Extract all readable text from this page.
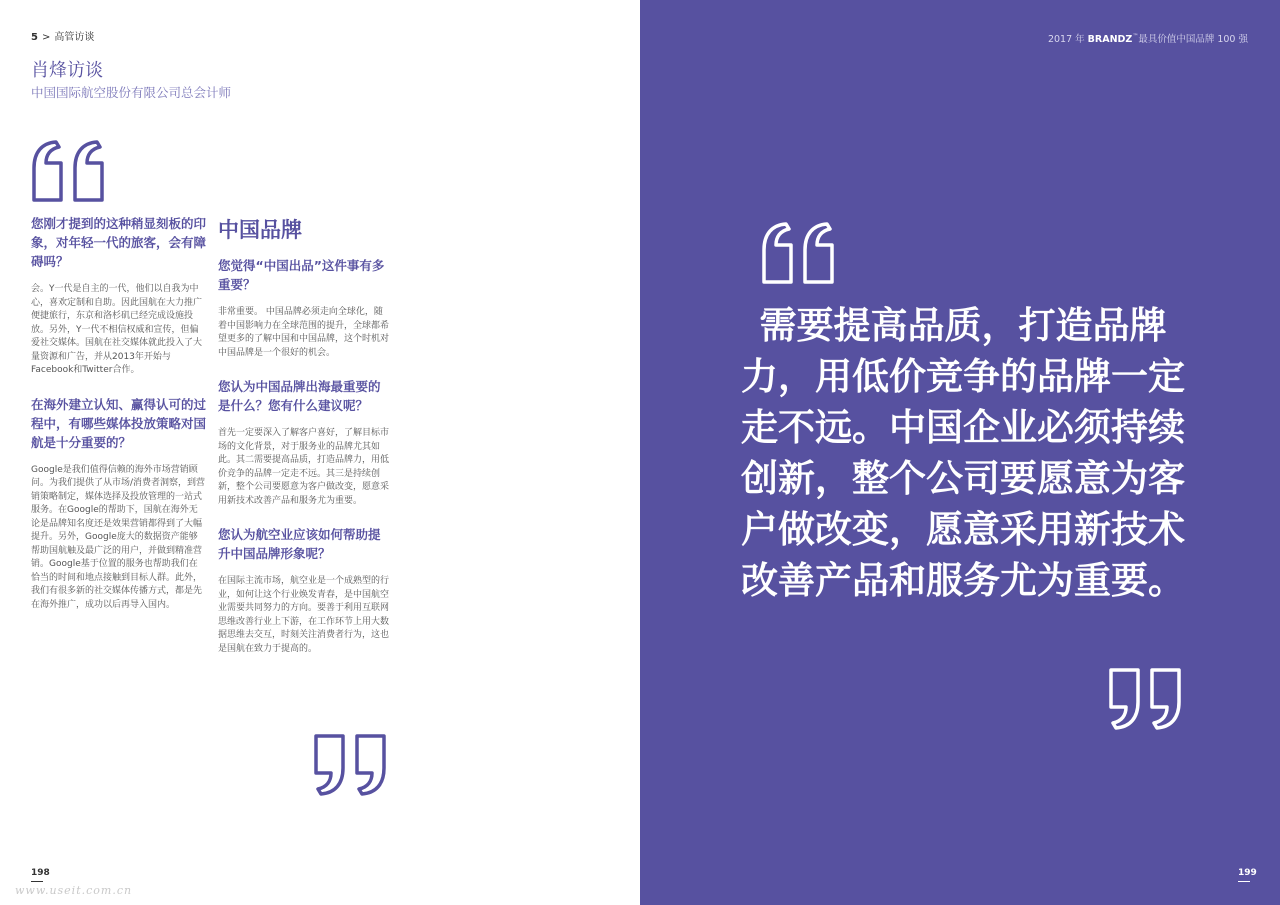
5 > 高管访谈
肖烽访谈
中国国际航空股份有限公司总会计师
您刚才提到的这种稍显刻板的印象，对年轻一代的旅客，会有障碍吗？
会。Y一代是自主的一代，他们以自我为中心，喜欢定制和自助。因此国航在大力推广便捷旅行，东京和洛杉矶已经完成设施投放。另外，Y一代不相信权威和宣传，但偏爱社交媒体。国航在社交媒体就此投入了大量资源和广告，并从2013年开始与Facebook和Twitter合作。
在海外建立认知、赢得认可的过程中，有哪些媒体投放策略对国航是十分重要的？
Google是我们值得信赖的海外市场营销顾问。为我们提供了从市场/消费者洞察，到营销策略制定，媒体选择及投放管理的一站式服务。在Google的帮助下，国航在海外无论是品牌知名度还是效果营销都得到了大幅提升。另外，Google庞大的数据资产能够帮助国航触及最广泛的用户，并做到精准营销。Google基于位置的服务也帮助我们在恰当的时间和地点接触到目标人群。此外，我们有很多新的社交媒体传播方式，都是先在海外推广，成功以后再导入国内。
中国品牌
您觉得“中国出品”这件事有多重要？
非常重要。 中国品牌必须走向全球化，随着中国影响力在全球范围的提升，全球都希望更多的了解中国和中国品牌，这个时机对中国品牌是一个很好的机会。
您认为中国品牌出海最重要的是什么？您有什么建议呢？
首先一定要深入了解客户喜好，了解目标市场的文化背景，对于服务业的品牌尤其如此。其二需要提高品质，打造品牌力，用低价竞争的品牌一定走不远。其三是持续创新，整个公司要愿意为客户做改变，愿意采用新技术改善产品和服务尤为重要。
您认为航空业应该如何帮助提升中国品牌形象呢？
在国际主流市场，航空业是一个成熟型的行业，如何让这个行业焕发青春，是中国航空业需要共同努力的方向。要善于利用互联网思维改善行业上下游，在工作环节上用大数据思维去交互，时刻关注消费者行为，这也是国航在致力于提高的。
198
www.useit.com.cn
2017 年 BRANDZ™最具价值中国品牌 100 强
需要提高品质，打造品牌力，用低价竞争的品牌一定走不远。中国企业必须持续创新，整个公司要愿意为客户做改变，愿意采用新技术改善产品和服务尤为重要。
199
